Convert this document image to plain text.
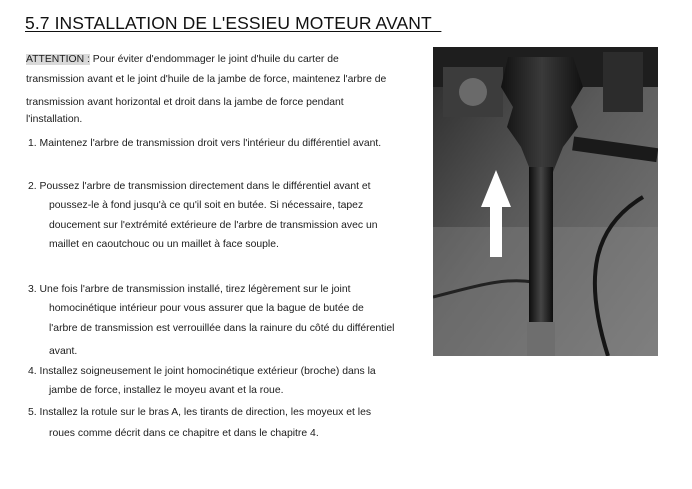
5.7 INSTALLATION DE L'ESSIEU MOTEUR AVANT
ATTENTION : Pour éviter d'endommager le joint d'huile du carter de
transmission avant et le joint d'huile de la jambe de force, maintenez l'arbre de
transmission avant horizontal et droit dans la jambe de force pendant
l'installation.
1. Maintenez l'arbre de transmission droit vers l'intérieur du différentiel avant.
2. Poussez l'arbre de transmission directement dans le différentiel avant et
poussez-le à fond jusqu'à ce qu'il soit en butée. Si nécessaire, tapez
doucement sur l'extrémité extérieure de l'arbre de transmission avec un
maillet en caoutchouc ou un maillet à face souple.
3. Une fois l'arbre de transmission installé, tirez légèrement sur le joint
homocinétique intérieur pour vous assurer que la bague de butée de
l'arbre de transmission est verrouillée dans la rainure du côté du différentiel
avant.
4. Installez soigneusement le joint homocinétique extérieur (broche) dans la
jambe de force, installez le moyeu avant et la roue.
5. Installez la rotule sur le bras A, les tirants de direction, les moyeux et les
roues comme décrit dans ce chapitre et dans le chapitre 4.
